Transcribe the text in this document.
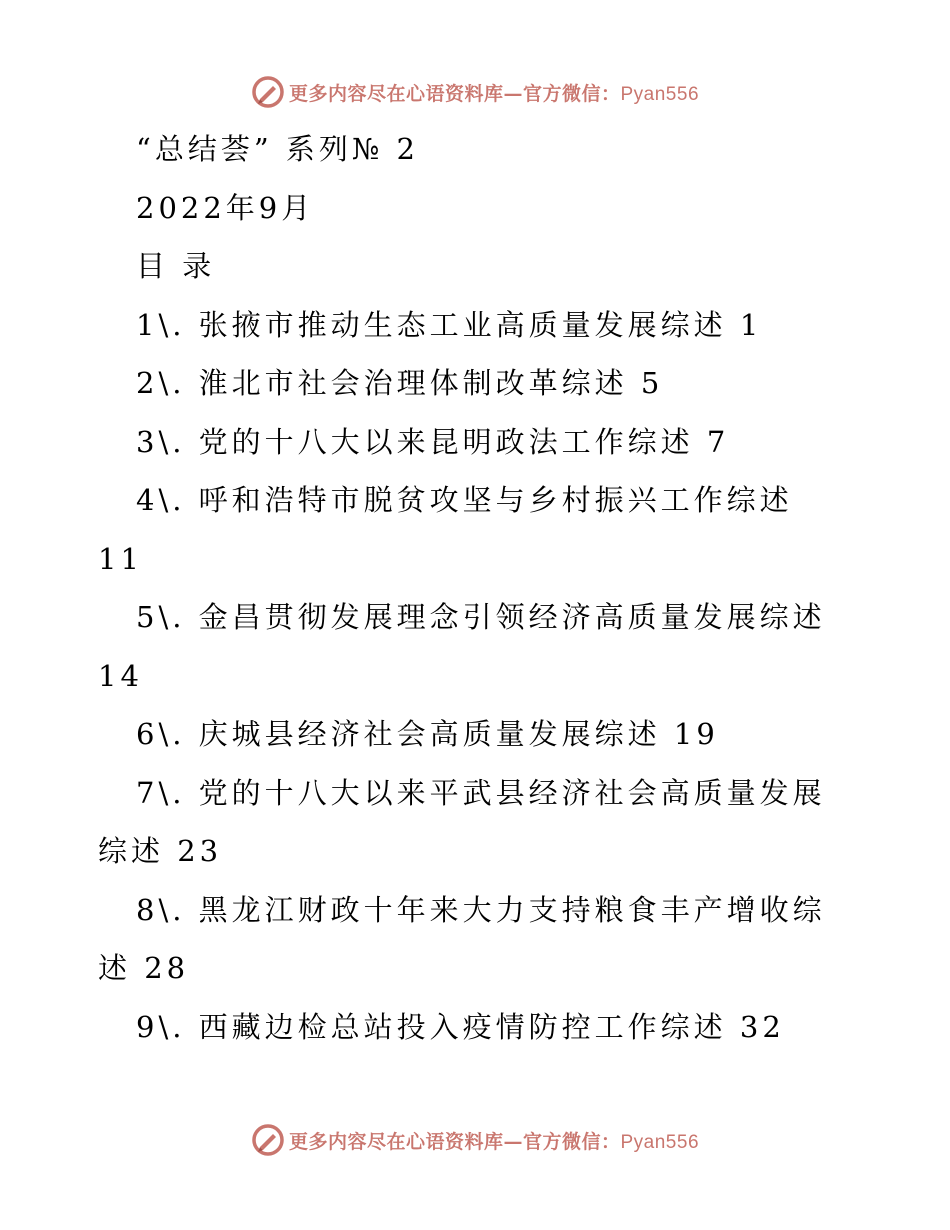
更多内容尽在心语资料库—官方微信：Pyan556
“总结荟” 系列№ 2
2022年9月
目 录
1\. 张掖市推动生态工业高质量发展综述 1
2\. 淮北市社会治理体制改革综述 5
3\. 党的十八大以来昆明政法工作综述 7
4\. 呼和浩特市脱贫攻坚与乡村振兴工作综述
11
5\. 金昌贯彻发展理念引领经济高质量发展综述
14
6\. 庆城县经济社会高质量发展综述 19
7\. 党的十八大以来平武县经济社会高质量发展
综述 23
8\. 黑龙江财政十年来大力支持粮食丰产增收综
述 28
9\. 西藏边检总站投入疫情防控工作综述 32
更多内容尽在心语资料库—官方微信：Pyan556
